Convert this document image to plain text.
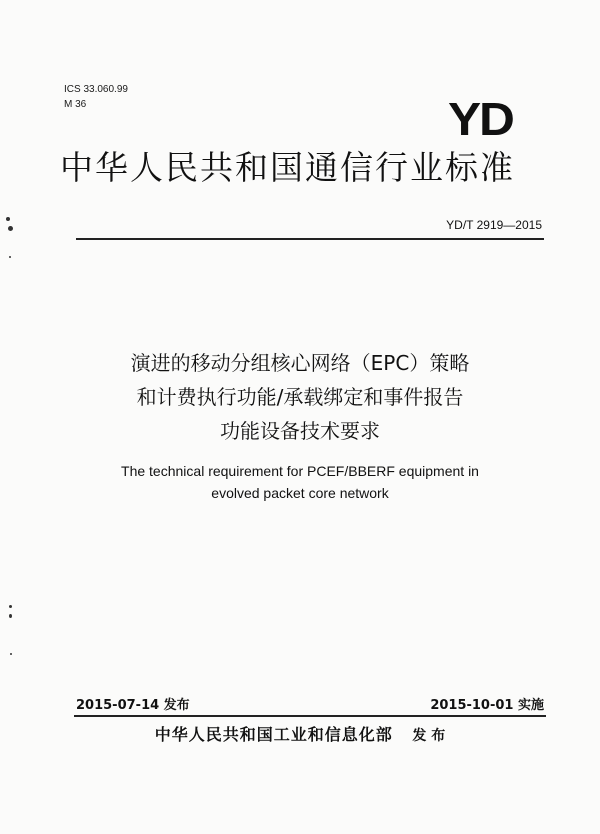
ICS 33.060.99
M 36	YD
中华人民共和国通信行业标准
YD/T 2919—2015
演进的移动分组核心网络（EPC）策略
和计费执行功能/承载绑定和事件报告
功能设备技术要求
The technical requirement for PCEF/BBERF equipment in
evolved packet core network
2015-07-14 发布	2015-10-01 实施
中华人民共和国工业和信息化部 发 布
